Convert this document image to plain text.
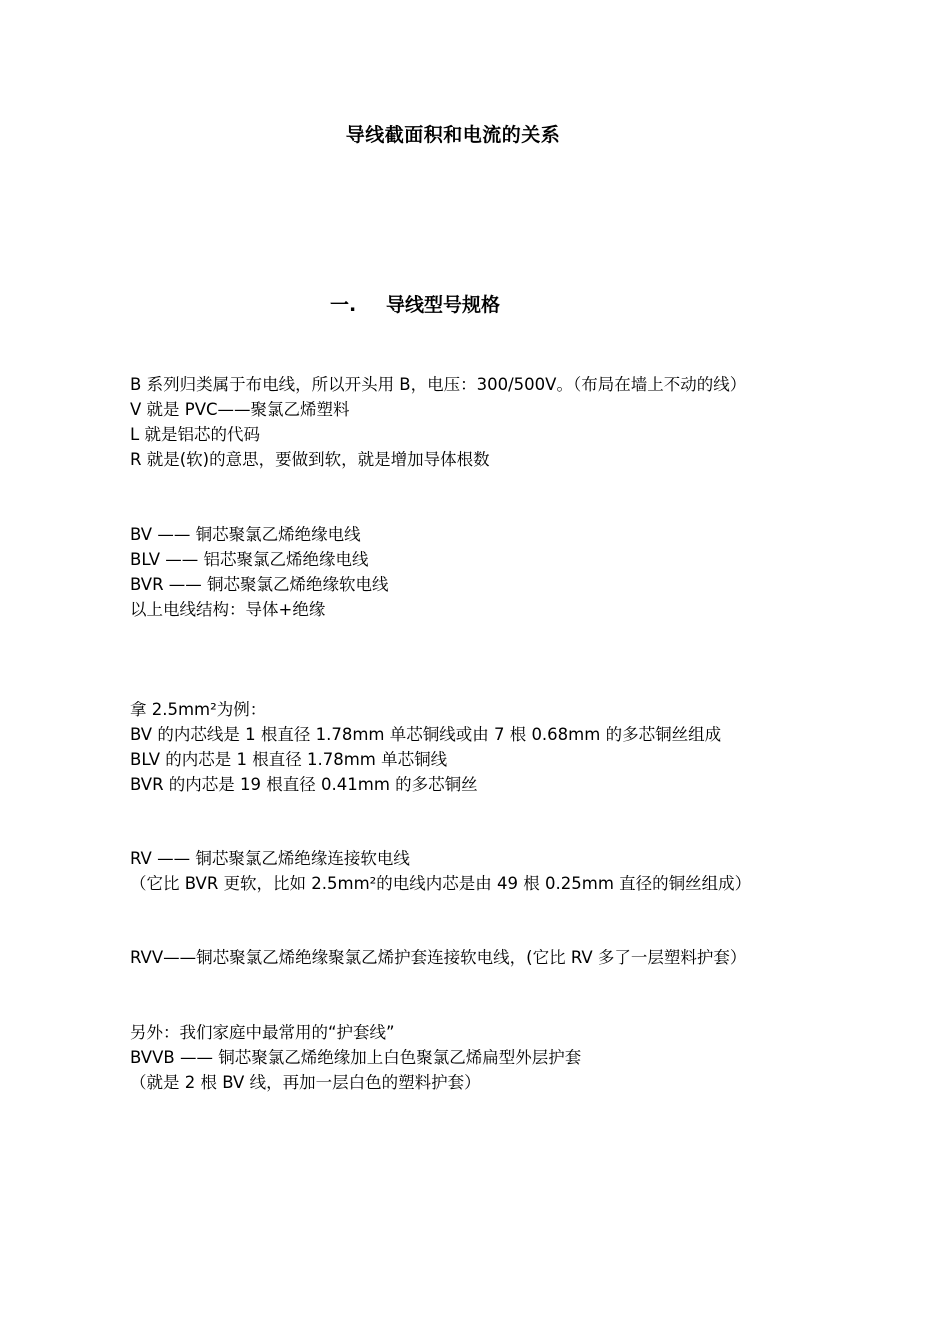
导线截面积和电流的关系
一. 导线型号规格
B 系列归类属于布电线，所以开头用 B，电压：300/500V。（布局在墙上不动的线）
V 就是 PVC——聚氯乙烯塑料
L 就是铝芯的代码
R 就是(软)的意思，要做到软，就是增加导体根数
BV —— 铜芯聚氯乙烯绝缘电线
BLV —— 铝芯聚氯乙烯绝缘电线
BVR —— 铜芯聚氯乙烯绝缘软电线
以上电线结构：导体+绝缘
拿 2.5mm²为例：
BV 的内芯线是 1 根直径 1.78mm 单芯铜线或由 7 根 0.68mm 的多芯铜丝组成
BLV 的内芯是 1 根直径 1.78mm 单芯铜线
BVR 的内芯是 19 根直径 0.41mm 的多芯铜丝
RV —— 铜芯聚氯乙烯绝缘连接软电线
（它比 BVR 更软，比如 2.5mm²的电线内芯是由 49 根 0.25mm 直径的铜丝组成）
RVV——铜芯聚氯乙烯绝缘聚氯乙烯护套连接软电线，(它比 RV 多了一层塑料护套）
另外：我们家庭中最常用的“护套线”
BVVB —— 铜芯聚氯乙烯绝缘加上白色聚氯乙烯扁型外层护套
（就是 2 根 BV 线，再加一层白色的塑料护套）
